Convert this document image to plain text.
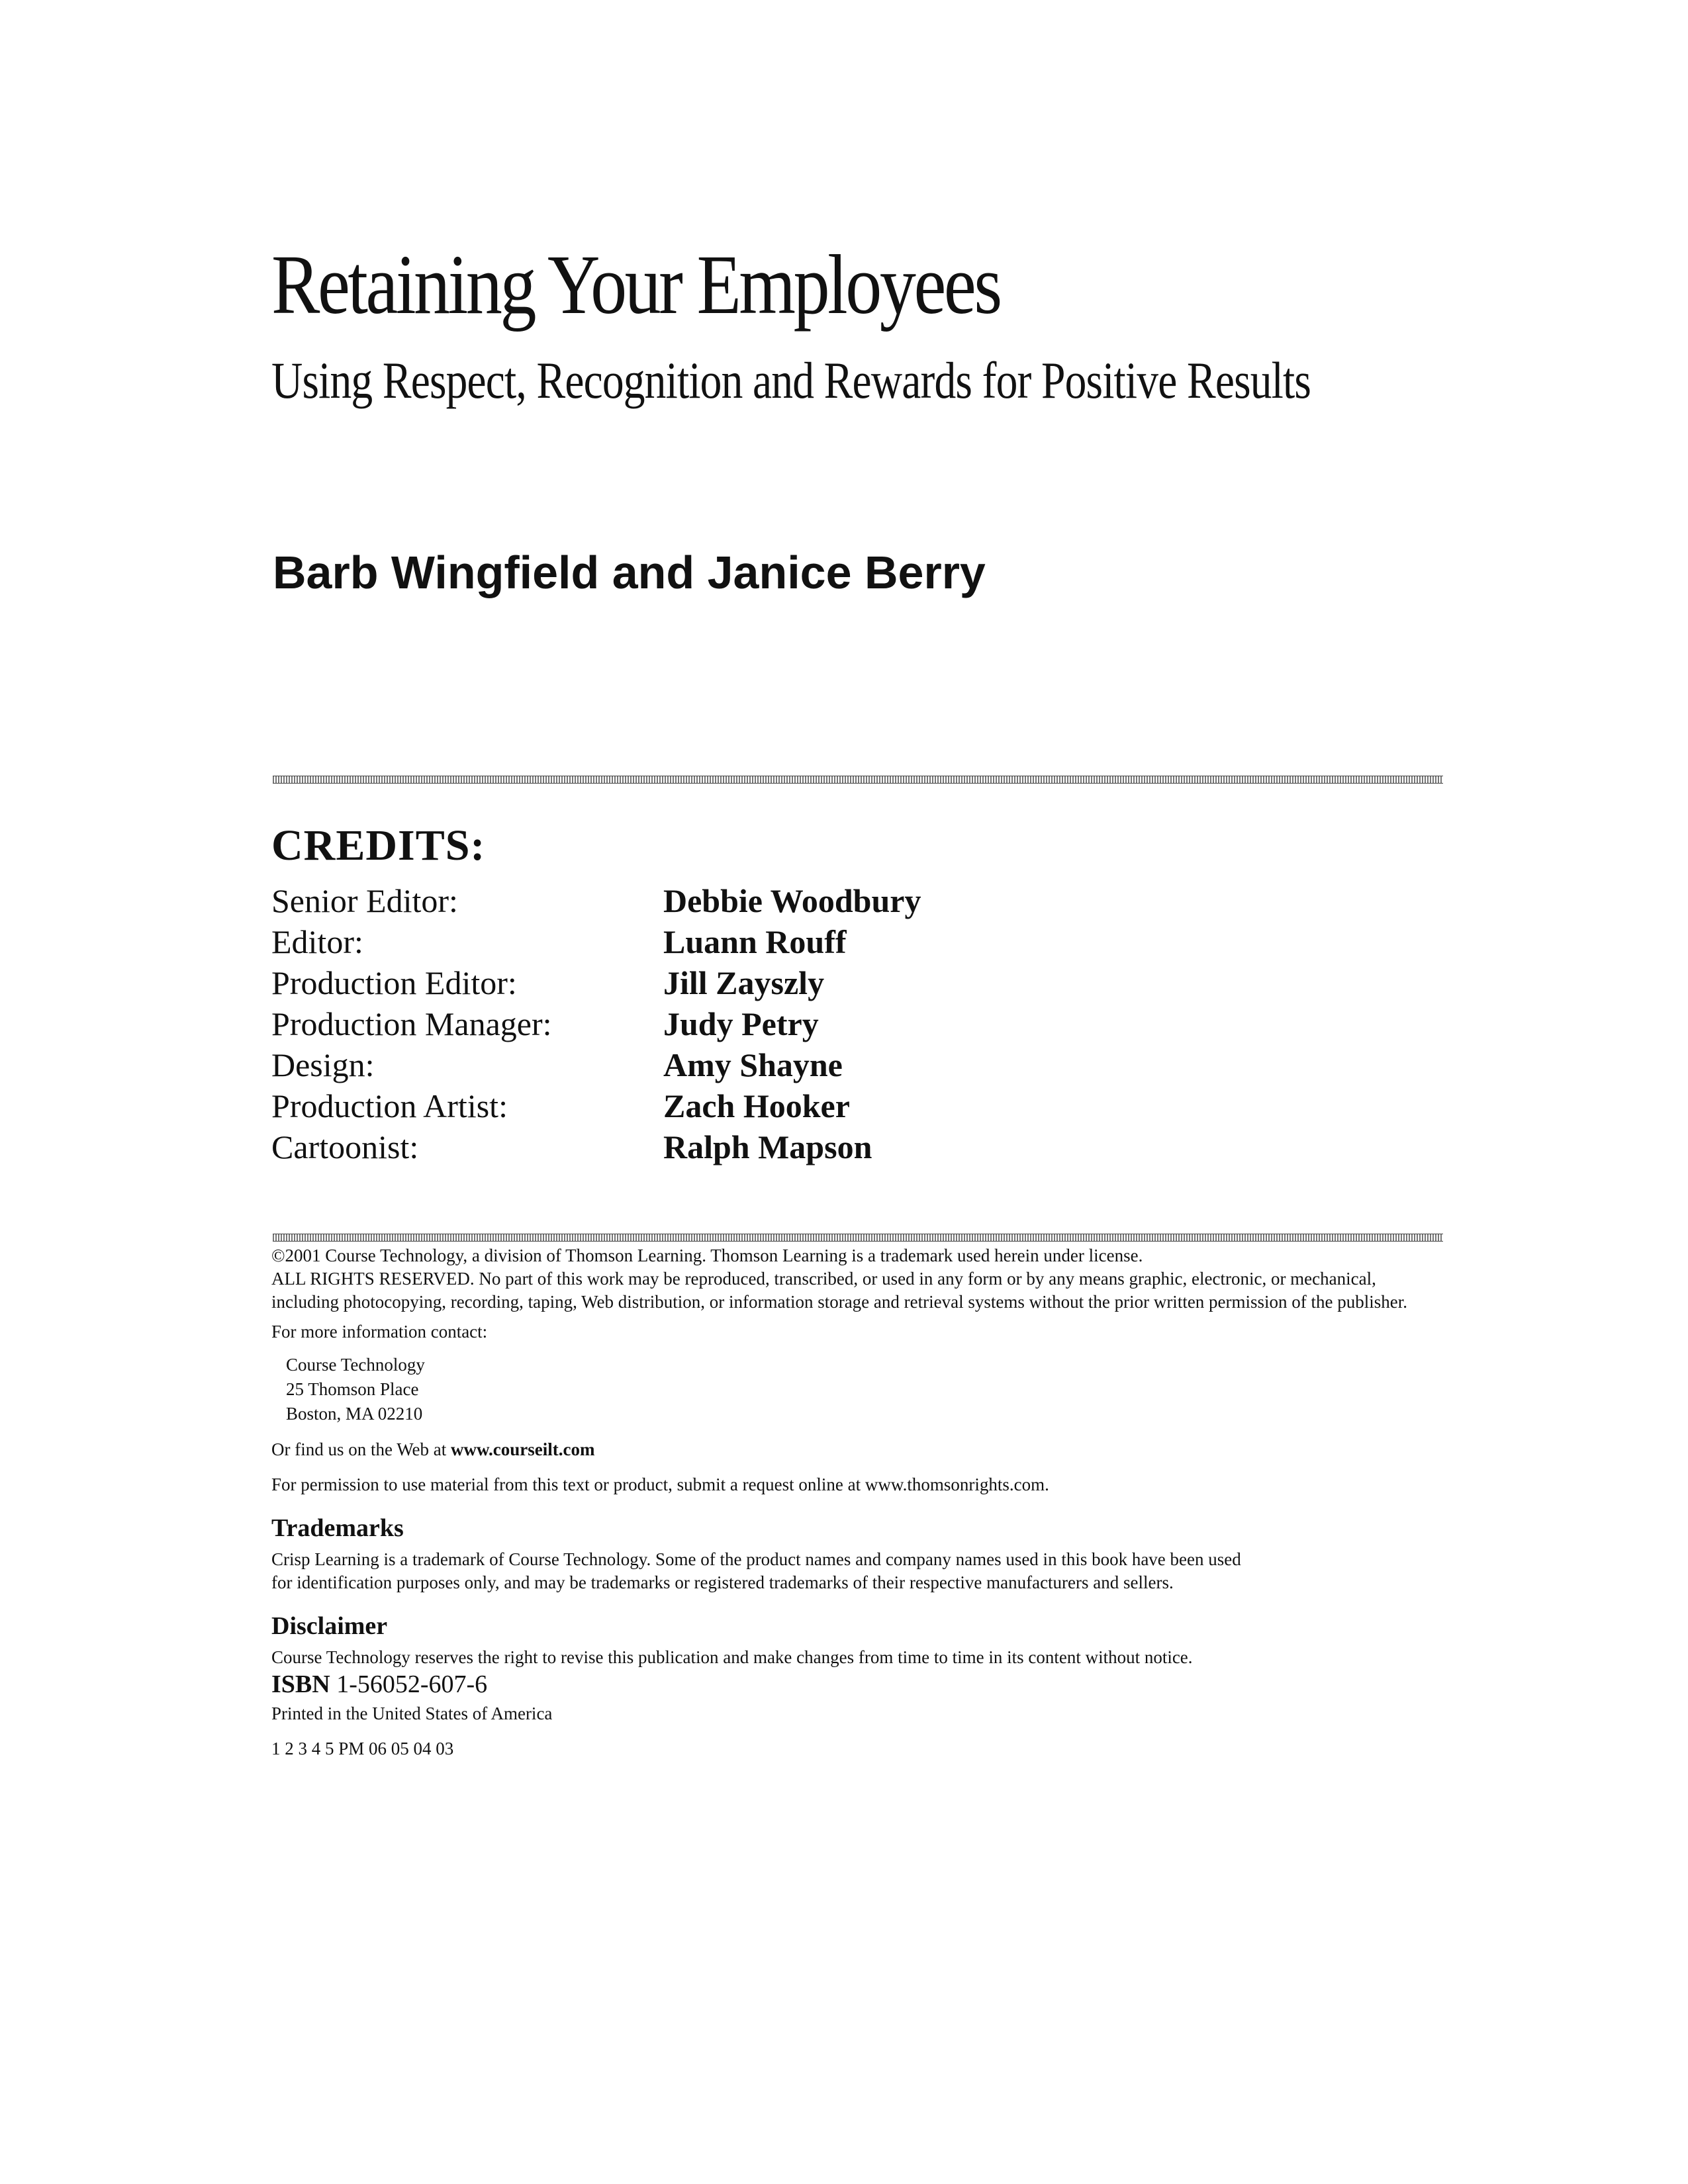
Retaining Your Employees
Using Respect, Recognition and Rewards for Positive Results
Barb Wingfield and Janice Berry
CREDITS:
Senior Editor:	Debbie Woodbury
Editor:	Luann Rouff
Production Editor:	Jill Zayszly
Production Manager:	Judy Petry
Design:	Amy Shayne
Production Artist:	Zach Hooker
Cartoonist:	Ralph Mapson

©2001 Course Technology, a division of Thomson Learning. Thomson Learning is a trademark used herein under license.

ALL RIGHTS RESERVED. No part of this work may be reproduced, transcribed, or used in any form or by any means graphic, electronic, or mechanical, including photocopying, recording, taping, Web distribution, or information storage and retrieval systems without the prior written permission of the publisher.

For more information contact:

Course Technology
25 Thomson Place
Boston, MA 02210

Or find us on the Web at www.courseilt.com

For permission to use material from this text or product, submit a request online at www.thomsonrights.com.

Trademarks

Crisp Learning is a trademark of Course Technology. Some of the product names and company names used in this book have been used

for identification purposes only, and may be trademarks or registered trademarks of their respective manufacturers and sellers.

Disclaimer

Course Technology reserves the right to revise this publication and make changes from time to time in its content without notice.

ISBN 1-56052-607-6

Printed in the United States of America

1 2 3 4 5 PM 06 05 04 03
